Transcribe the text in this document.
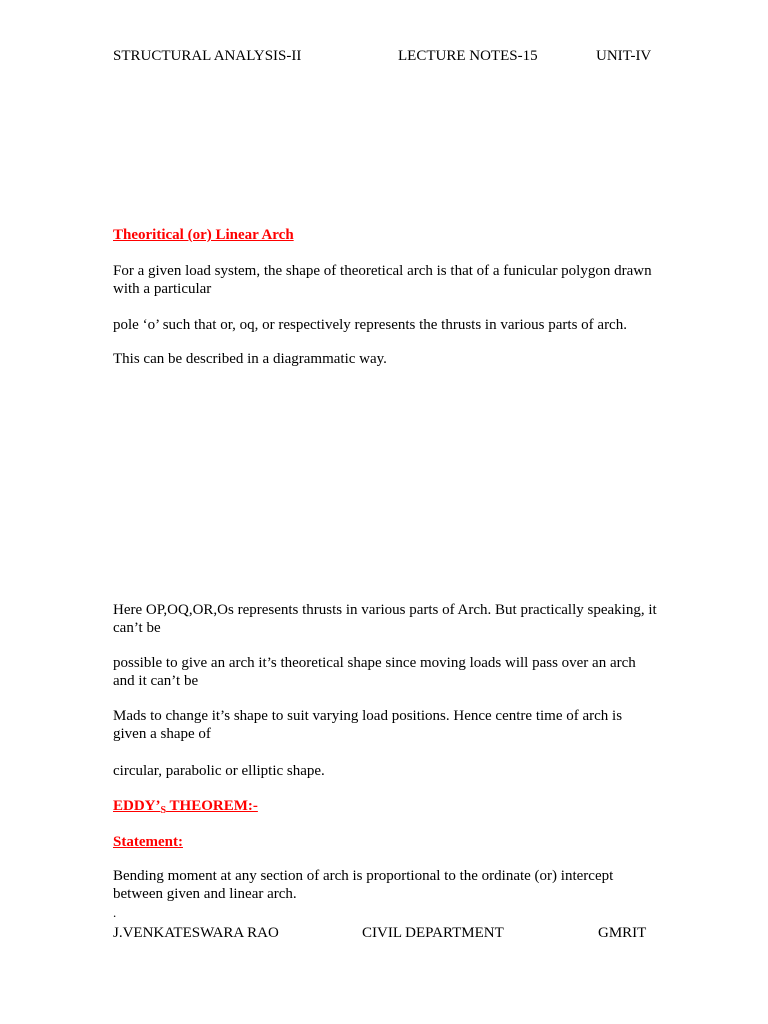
STRUCTURAL ANALYSIS-II	LECTURE NOTES-15	UNIT-IV
Theoritical (or) Linear Arch
For a given load system, the shape of theoretical arch is that of a funicular polygon drawn with a particular
pole ‘o’ such that or, oq, or respectively represents the thrusts in various parts of arch.
This can be described in a diagrammatic way.
Here OP,OQ,OR,Os represents thrusts in various parts of Arch. But practically speaking, it can’t be
possible to give an arch it’s theoretical shape since moving loads will pass over an arch and it can’t be
Mads to change it’s shape to suit varying load positions. Hence centre time of arch is given a shape of
circular, parabolic or elliptic shape.
$EDDY’_S$ THEOREM:-
Statement:
Bending moment at any section of arch is proportional to the ordinate (or) intercept between given and linear arch.
.
J.VENKATESWARA RAO	CIVIL DEPARTMENT	GMRIT
